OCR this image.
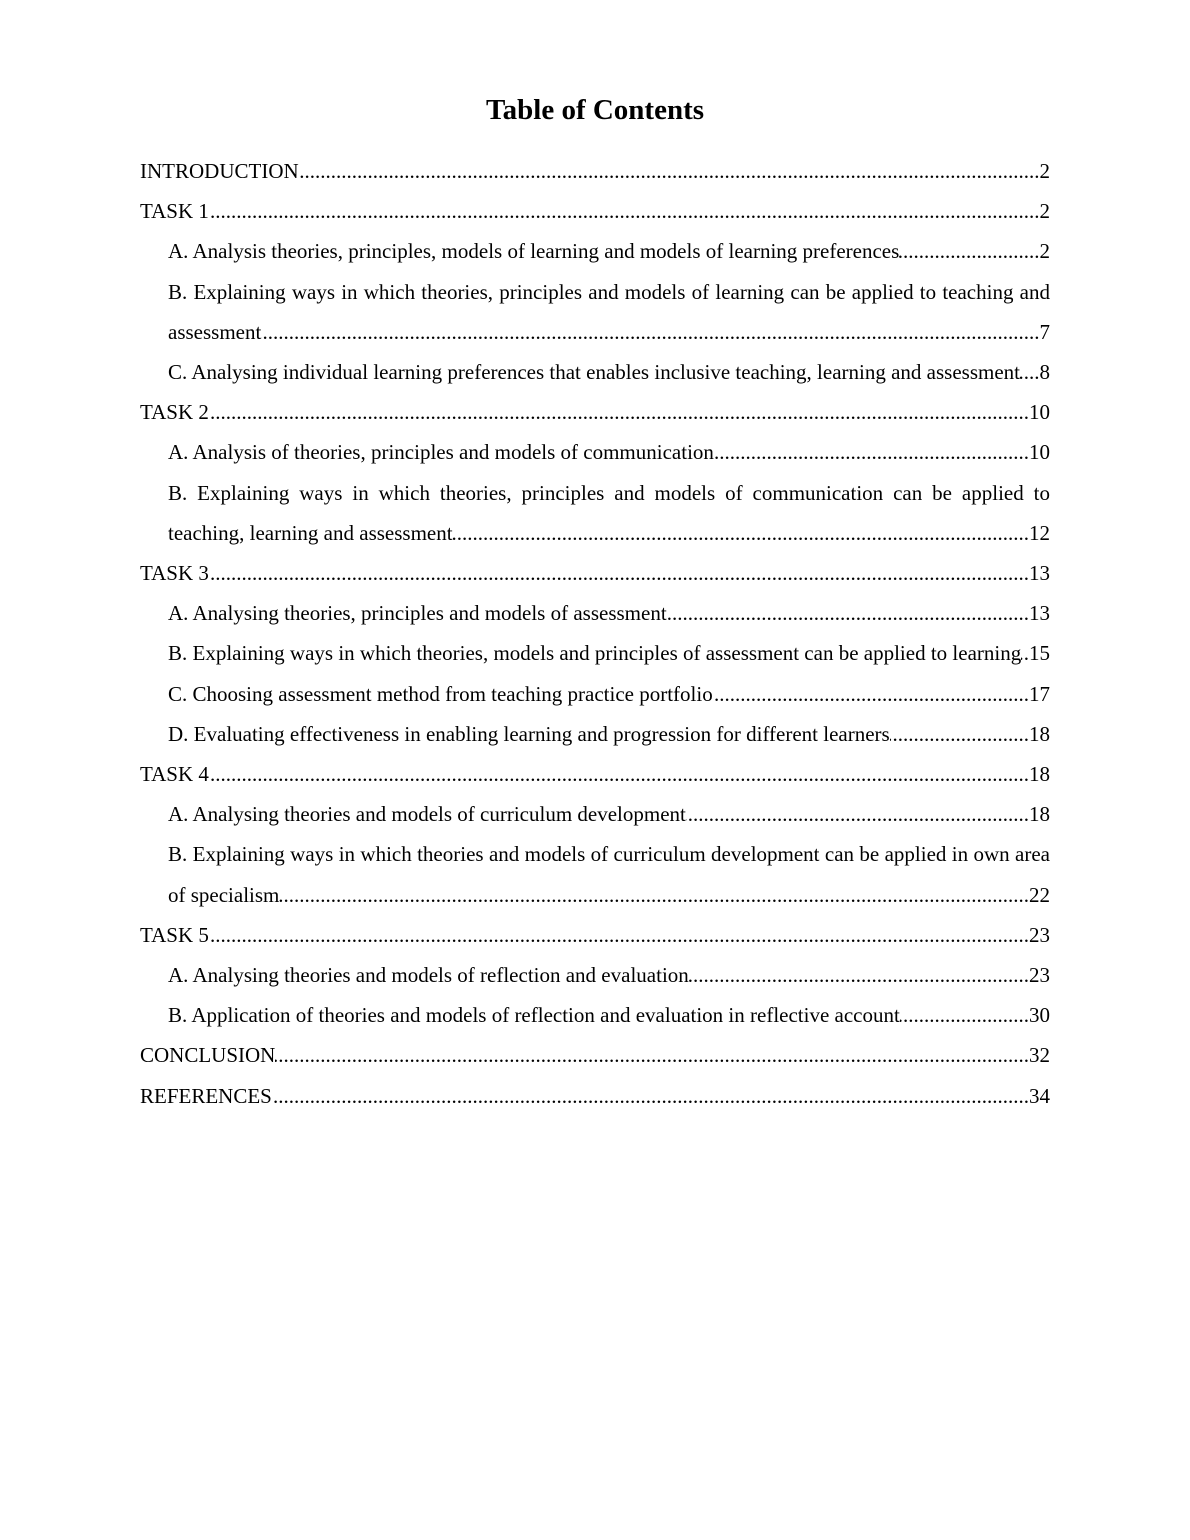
Table of Contents
INTRODUCTION .....	2
TASK 1 .....	2
A. Analysis theories, principles, models of learning and models of learning preferences .....	2
B. Explaining ways in which theories, principles and models of learning can be applied to teaching and assessment .....	7
C. Analysing individual learning preferences that enables inclusive teaching, learning and assessment ..... 8
TASK 2 .....	10
A. Analysis of theories, principles and models of communication .....	10
B. Explaining ways in which theories, principles and models of communication can be applied to teaching, learning and assessment .....	12
TASK 3 .....	13
A. Analysing theories, principles and models of assessment .....	13
B. Explaining ways in which theories, models and principles of assessment can be applied to learning ..... 15
C. Choosing assessment method from teaching practice portfolio .....	17
D. Evaluating effectiveness in enabling learning and progression for different learners .....	18
TASK 4 .....	18
A. Analysing theories and models of curriculum development .....	18
B. Explaining ways in which theories and models of curriculum development can be applied in own area of specialism .....	22
TASK 5 .....	23
A. Analysing theories and models of reflection and evaluation .....	23
B. Application of theories and models of reflection and evaluation in reflective account .....	30
CONCLUSION .....	32
REFERENCES .....	34
